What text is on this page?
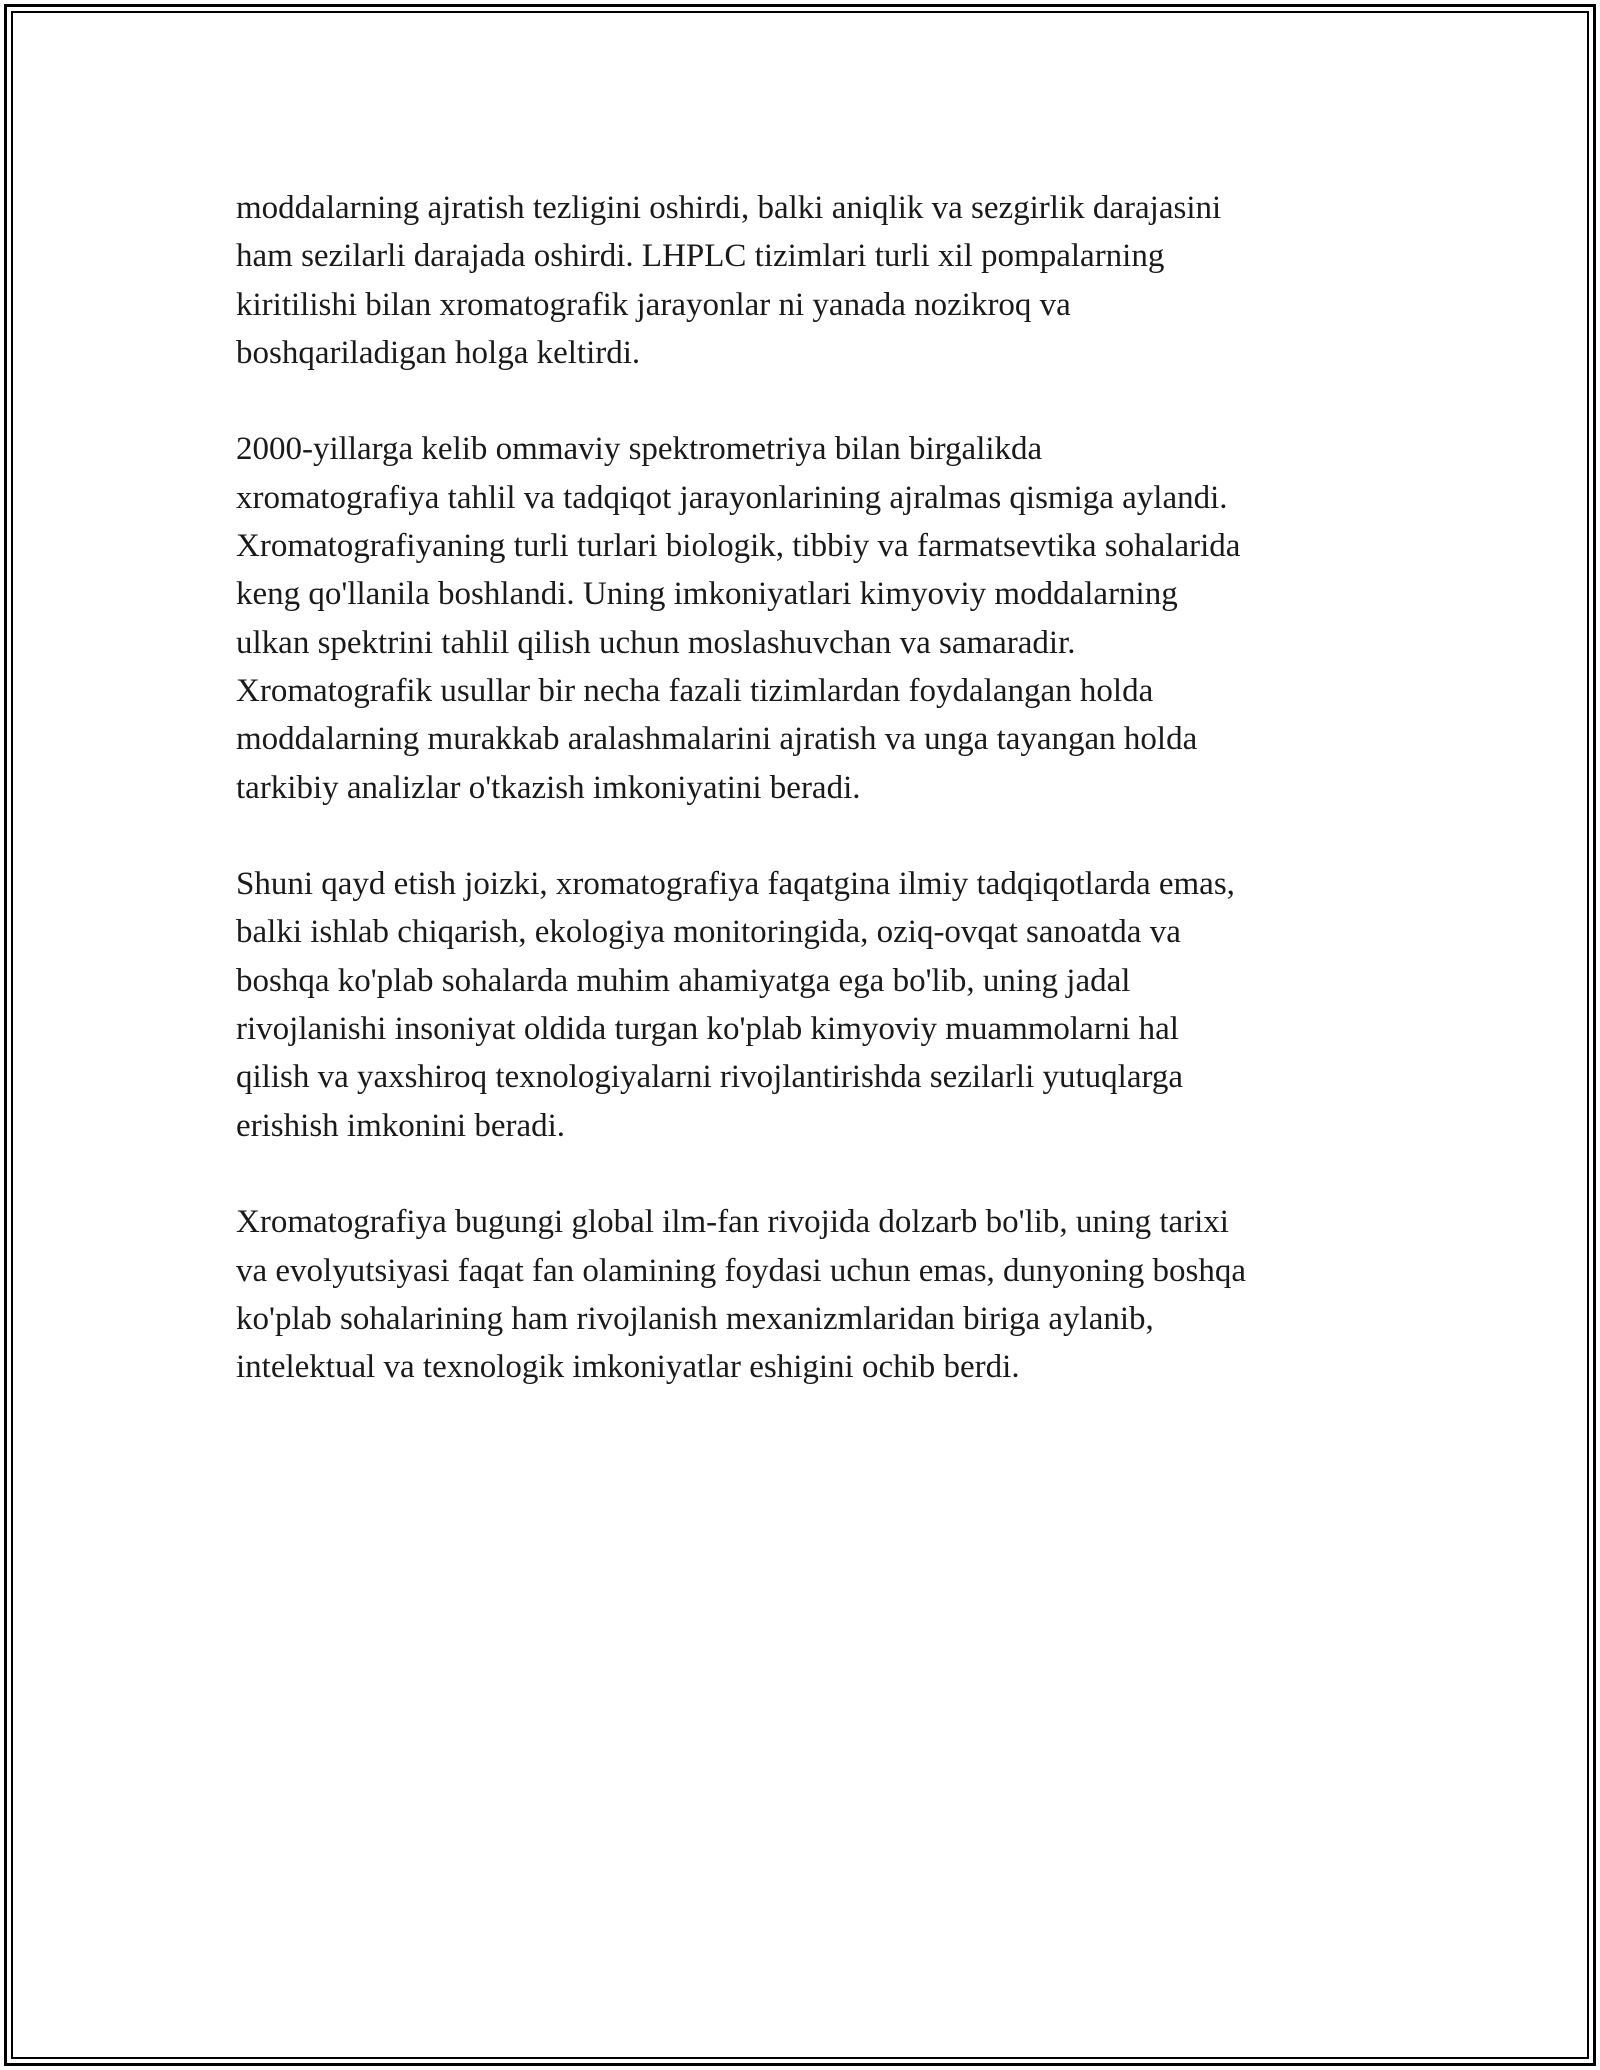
moddalarning ajratish tezligini oshirdi, balki aniqlik va sezgirlik darajasini
ham sezilarli darajada oshirdi. LHPLC tizimlari turli xil pompalarning
kiritilishi bilan xromatografik jarayonlar ni yanada nozikroq va
boshqariladigan holga keltirdi.

2000-yillarga kelib ommaviy spektrometriya bilan birgalikda
xromatografiya tahlil va tadqiqot jarayonlarining ajralmas qismiga aylandi.
Xromatografiyaning turli turlari biologik, tibbiy va farmatsevtika sohalarida
keng qo'llanila boshlandi. Uning imkoniyatlari kimyoviy moddalarning
ulkan spektrini tahlil qilish uchun moslashuvchan va samaradir.
Xromatografik usullar bir necha fazali tizimlardan foydalangan holda
moddalarning murakkab aralashmalarini ajratish va unga tayangan holda
tarkibiy analizlar o'tkazish imkoniyatini beradi.

Shuni qayd etish joizki, xromatografiya faqatgina ilmiy tadqiqotlarda emas,
balki ishlab chiqarish, ekologiya monitoringida, oziq-ovqat sanoatda va
boshqa ko'plab sohalarda muhim ahamiyatga ega bo'lib, uning jadal
rivojlanishi insoniyat oldida turgan ko'plab kimyoviy muammolarni hal
qilish va yaxshiroq texnologiyalarni rivojlantirishda sezilarli yutuqlarga
erishish imkonini beradi.

Xromatografiya bugungi global ilm-fan rivojida dolzarb bo'lib, uning tarixi
va evolyutsiyasi faqat fan olamining foydasi uchun emas, dunyoning boshqa
ko'plab sohalarining ham rivojlanish mexanizmlaridan biriga aylanib,
intelektual va texnologik imkoniyatlar eshigini ochib berdi.
